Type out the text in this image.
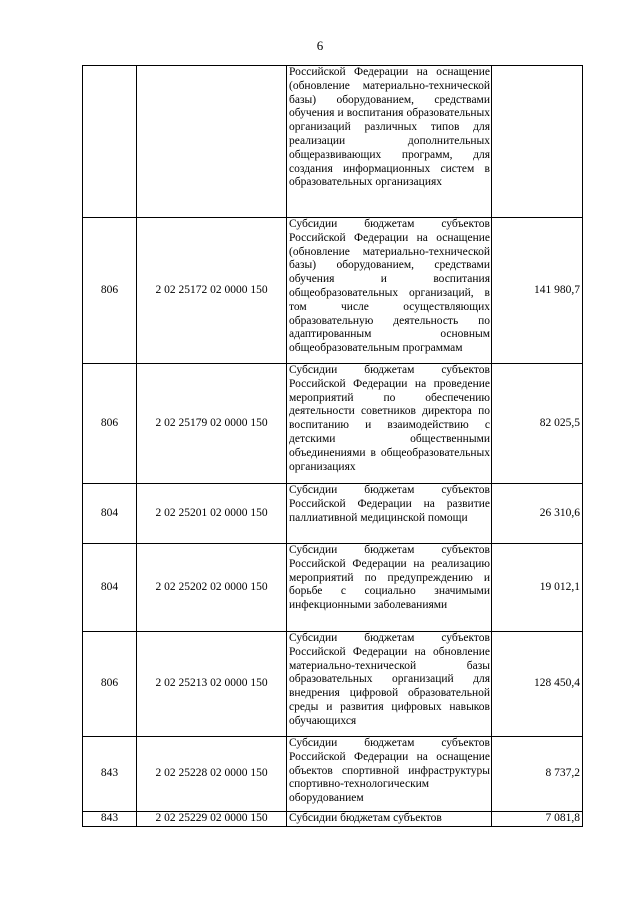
6
		Российской Федерации на оснащение (обновление материально-технической базы) оборудованием, средствами обучения и воспитания образовательных организаций различных типов для реализации дополнительных общеразвивающих программ, для создания информационных систем в образовательных организациях	
806	2 02 25172 02 0000 150	Субсидии бюджетам субъектов Российской Федерации на оснащение (обновление материально-технической базы) оборудованием, средствами обучения и воспитания общеобразовательных организаций, в том числе осуществляющих образовательную деятельность по адаптированным основным общеобразовательным программам	141 980,7
806	2 02 25179 02 0000 150	Субсидии бюджетам субъектов Российской Федерации на проведение мероприятий по обеспечению деятельности советников директора по воспитанию и взаимодействию с детскими общественными объединениями в общеобразовательных организациях	82 025,5
804	2 02 25201 02 0000 150	Субсидии бюджетам субъектов Российской Федерации на развитие паллиативной медицинской помощи	26 310,6
804	2 02 25202 02 0000 150	Субсидии бюджетам субъектов Российской Федерации на реализацию мероприятий по предупреждению и борьбе с социально значимыми инфекционными заболеваниями	19 012,1
806	2 02 25213 02 0000 150	Субсидии бюджетам субъектов Российской Федерации на обновление материально-технической базы образовательных организаций для внедрения цифровой образовательной среды и развития цифровых навыков обучающихся	128 450,4
843	2 02 25228 02 0000 150	Субсидии бюджетам субъектов Российской Федерации на оснащение объектов спортивной инфраструктуры спортивно-технологическим оборудованием	8 737,2
843	2 02 25229 02 0000 150	Субсидии бюджетам субъектов	7 081,8
